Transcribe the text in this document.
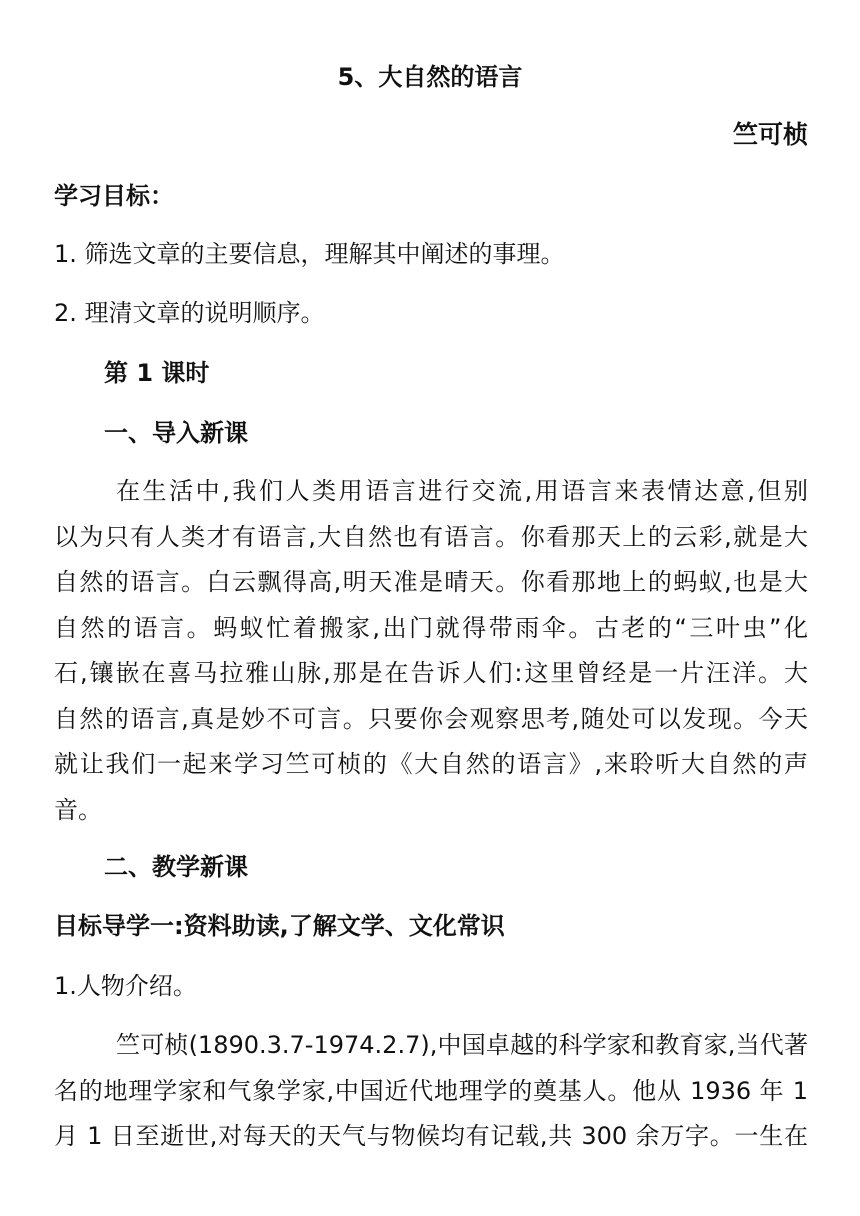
5、大自然的语言
竺可桢
学习目标：
1. 筛选文章的主要信息，理解其中阐述的事理。
2. 理清文章的说明顺序。
第 1 课时
一、导入新课
在生活中,我们人类用语言进行交流,用语言来表情达意,但别
以为只有人类才有语言,大自然也有语言。你看那天上的云彩,就是大
自然的语言。白云飘得高,明天准是晴天。你看那地上的蚂蚁,也是大
自然的语言。蚂蚁忙着搬家,出门就得带雨伞。古老的“三叶虫”化
石,镶嵌在喜马拉雅山脉,那是在告诉人们:这里曾经是一片汪洋。大
自然的语言,真是妙不可言。只要你会观察思考,随处可以发现。今天
就让我们一起来学习竺可桢的《大自然的语言》,来聆听大自然的声
音。
二、教学新课
目标导学一:资料助读,了解文学、文化常识
1.人物介绍。
竺可桢(1890.3.7-1974.2.7),中国卓越的科学家和教育家,当代著
名的地理学家和气象学家,中国近代地理学的奠基人。他从 1936 年 1
月 1 日至逝世,对每天的天气与物候均有记载,共 300 余万字。一生在
